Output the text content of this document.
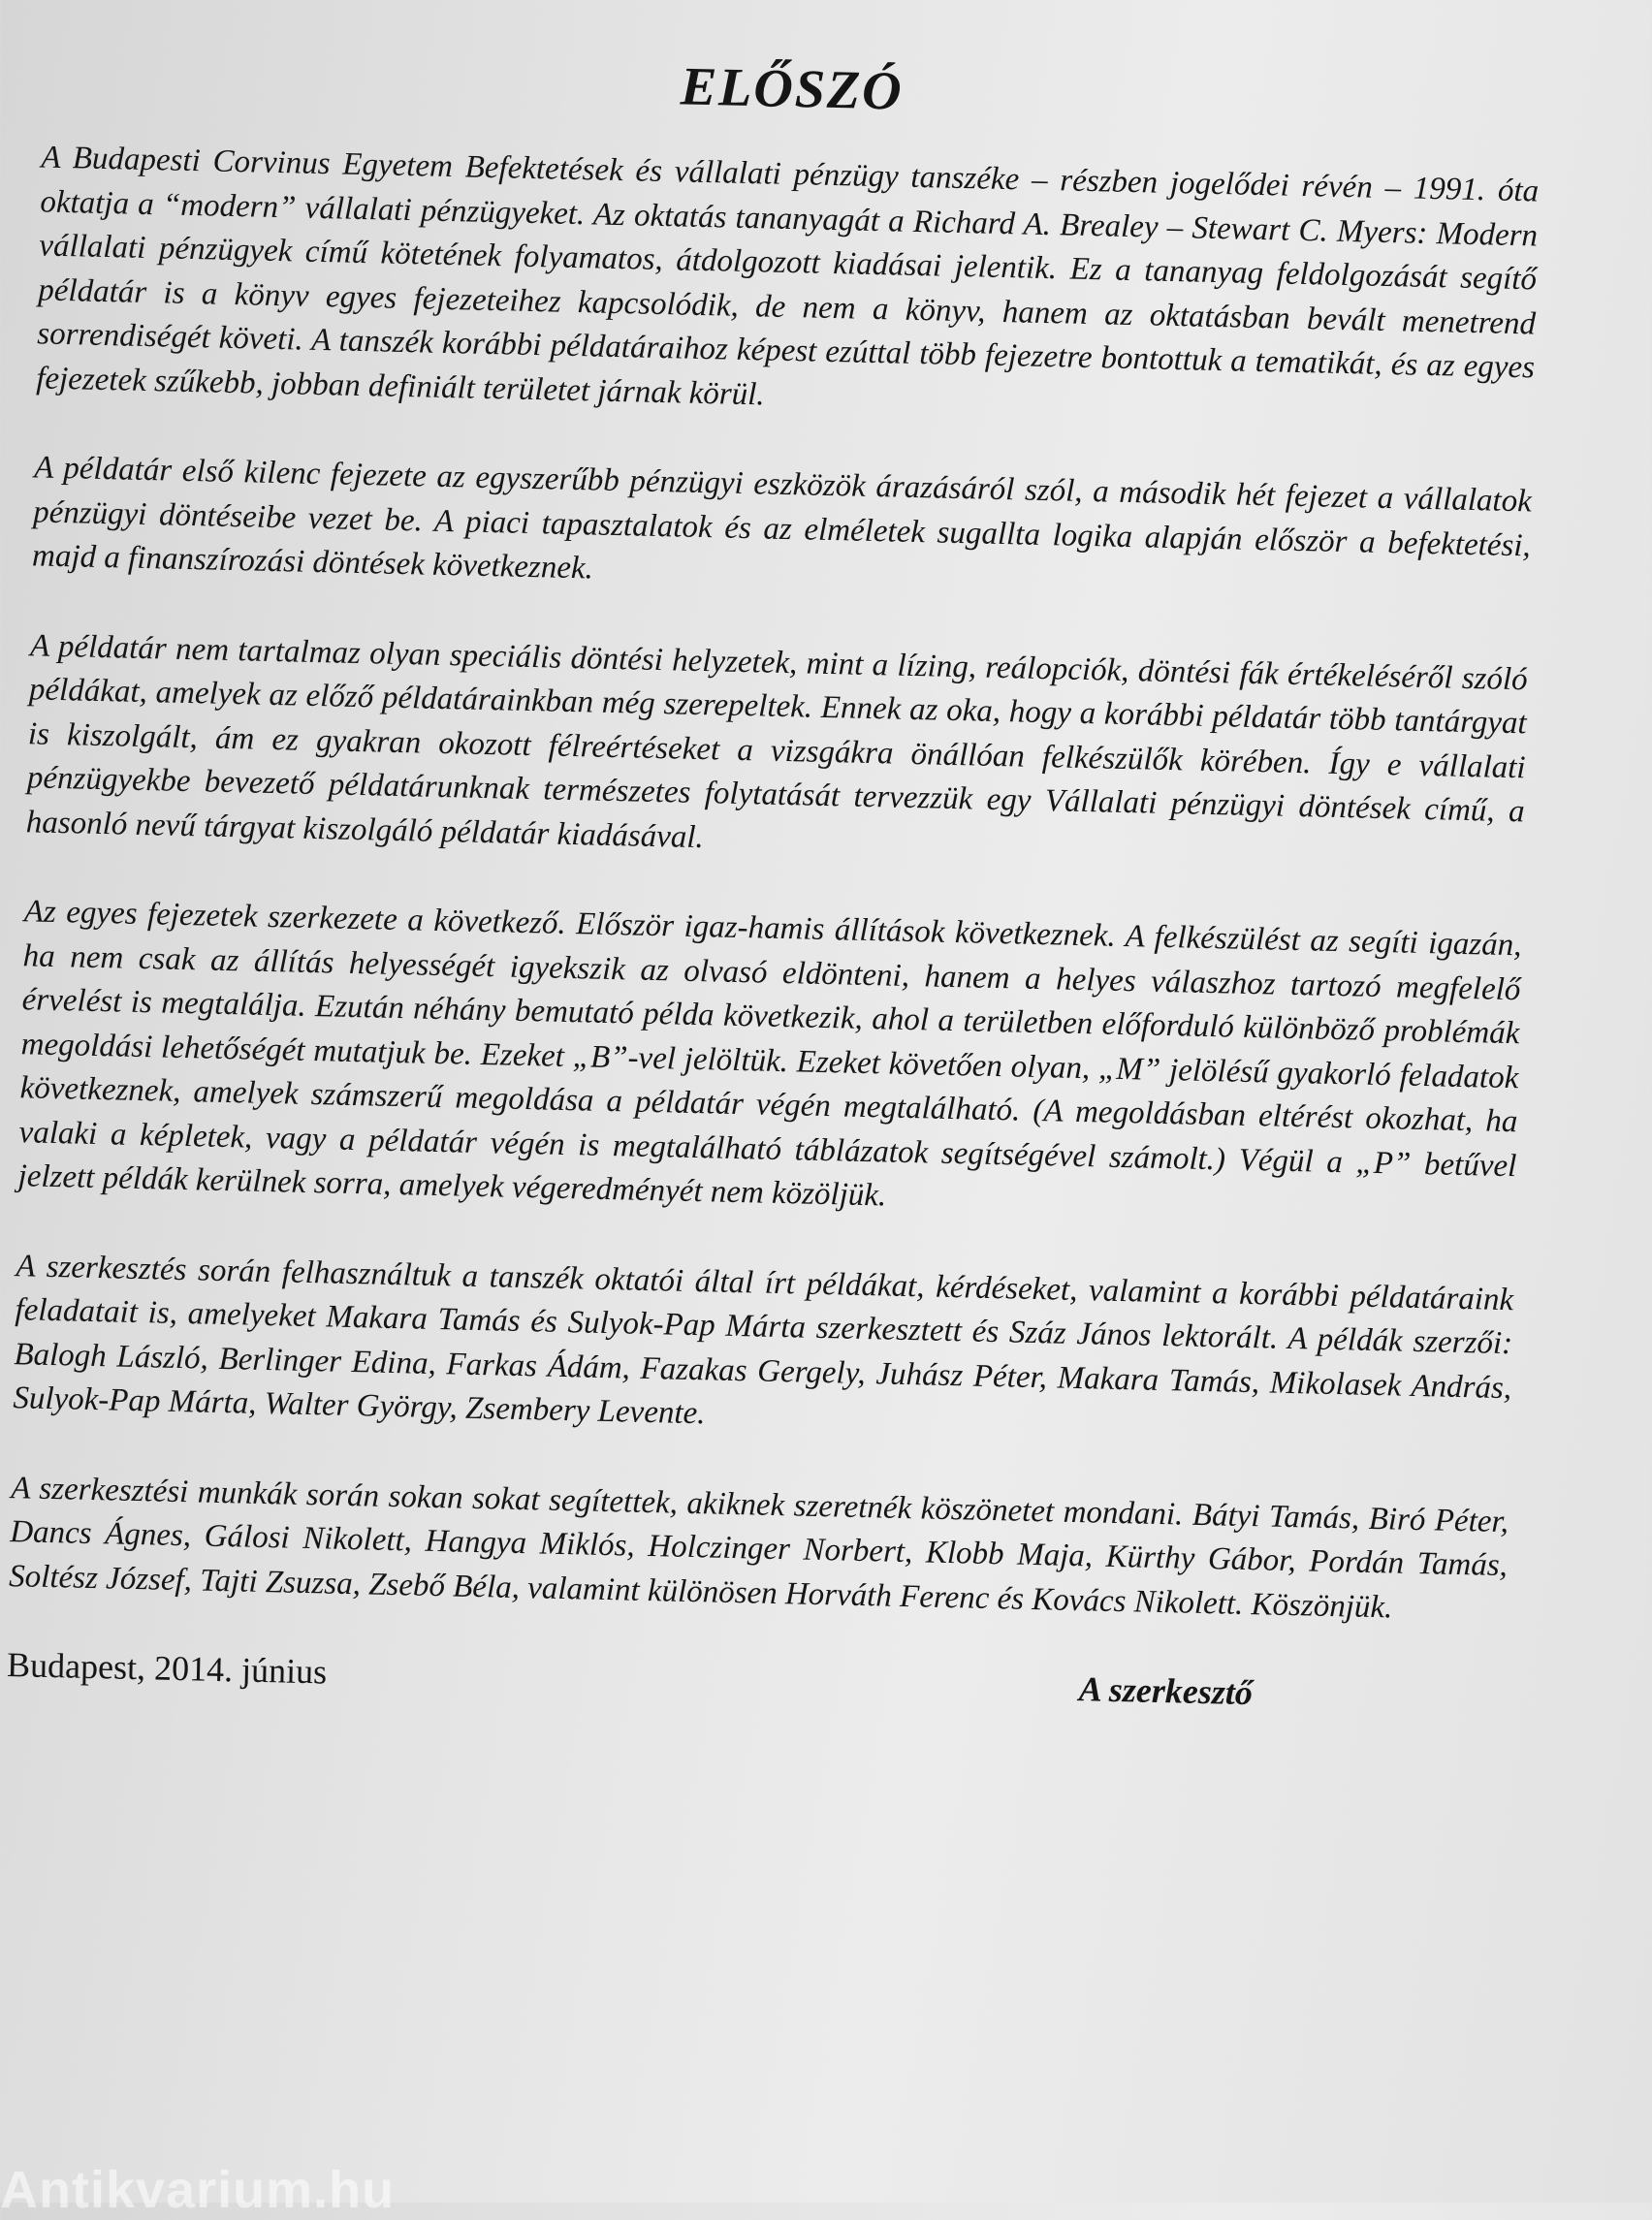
ELŐSZÓ

A Budapesti Corvinus Egyetem Befektetések és vállalati pénzügy tanszéke – részben jogelődei révén – 1991. óta oktatja a “modern” vállalati pénzügyeket. Az oktatás tananyagát a Richard A. Brealey – Stewart C. Myers: Modern vállalati pénzügyek című kötetének folyamatos, átdolgozott kiadásai jelentik. Ez a tananyag feldolgozását segítő példatár is a könyv egyes fejezeteihez kapcsolódik, de nem a könyv, hanem az oktatásban bevált menetrend sorrendiségét követi. A tanszék korábbi példatáraihoz képest ezúttal több fejezetre bontottuk a tematikát, és az egyes fejezetek szűkebb, jobban definiált területet járnak körül.

A példatár első kilenc fejezete az egyszerűbb pénzügyi eszközök árazásáról szól, a második hét fejezet a vállalatok pénzügyi döntéseibe vezet be. A piaci tapasztalatok és az elméletek sugallta logika alapján először a befektetési, majd a finanszírozási döntések következnek.

A példatár nem tartalmaz olyan speciális döntési helyzetek, mint a lízing, reálopciók, döntési fák értékeléséről szóló példákat, amelyek az előző példatárainkban még szerepeltek. Ennek az oka, hogy a korábbi példatár több tantárgyat is kiszolgált, ám ez gyakran okozott félreértéseket a vizsgákra önállóan felkészülők körében. Így e vállalati pénzügyekbe bevezető példatárunknak természetes folytatását tervezzük egy Vállalati pénzügyi döntések című, a hasonló nevű tárgyat kiszolgáló példatár kiadásával.

Az egyes fejezetek szerkezete a következő. Először igaz-hamis állítások következnek. A felkészülést az segíti igazán, ha nem csak az állítás helyességét igyekszik az olvasó eldönteni, hanem a helyes válaszhoz tartozó megfelelő érvelést is megtalálja. Ezután néhány bemutató példa következik, ahol a területben előforduló különböző problémák megoldási lehetőségét mutatjuk be. Ezeket „B”-vel jelöltük. Ezeket követően olyan, „M” jelölésű gyakorló feladatok következnek, amelyek számszerű megoldása a példatár végén megtalálható. (A megoldásban eltérést okozhat, ha valaki a képletek, vagy a példatár végén is megtalálható táblázatok segítségével számolt.) Végül a „P” betűvel jelzett példák kerülnek sorra, amelyek végeredményét nem közöljük.

A szerkesztés során felhasználtuk a tanszék oktatói által írt példákat, kérdéseket, valamint a korábbi példatáraink feladatait is, amelyeket Makara Tamás és Sulyok-Pap Márta szerkesztett és Száz János lektorált. A példák szerzői: Balogh László, Berlinger Edina, Farkas Ádám, Fazakas Gergely, Juhász Péter, Makara Tamás, Mikolasek András, Sulyok-Pap Márta, Walter György, Zsembery Levente.

A szerkesztési munkák során sokan sokat segítettek, akiknek szeretnék köszönetet mondani. Bátyi Tamás, Biró Péter, Dancs Ágnes, Gálosi Nikolett, Hangya Miklós, Holczinger Norbert, Klobb Maja, Kürthy Gábor, Pordán Tamás, Soltész József, Tajti Zsuzsa, Zsebő Béla, valamint különösen Horváth Ferenc és Kovács Nikolett. Köszönjük.

Budapest, 2014. június	A szerkesztő
Antikvarium.hu
